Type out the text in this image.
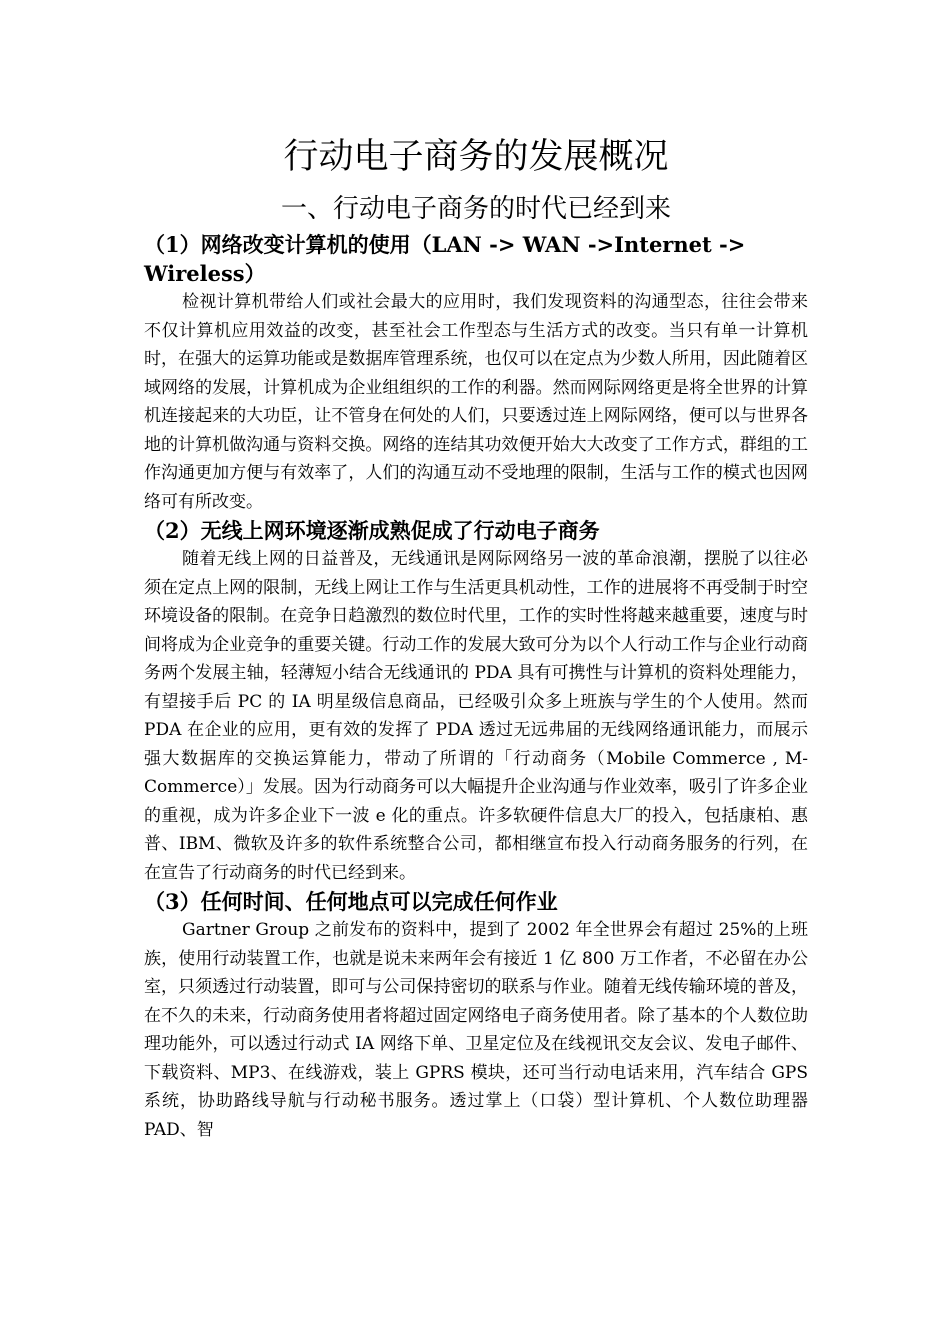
行动电子商务的发展概况
一、行动电子商务的时代已经到来
（1）网络改变计算机的使用（LAN -> WAN ->Internet -> Wireless）

检视计算机带给人们或社会最大的应用时，我们发现资料的沟通型态，往往会带来不仅计算机应用效益的改变，甚至社会工作型态与生活方式的改变。当只有单一计算机时，在强大的运算功能或是数据库管理系统，也仅可以在定点为少数人所用，因此随着区域网络的发展，计算机成为企业组组织的工作的利器。然而网际网络更是将全世界的计算机连接起来的大功臣，让不管身在何处的人们，只要透过连上网际网络，便可以与世界各地的计算机做沟通与资料交换。网络的连结其功效便开始大大改变了工作方式，群组的工作沟通更加方便与有效率了，人们的沟通互动不受地理的限制，生活与工作的模式也因网络可有所改变。

（2）无线上网环境逐渐成熟促成了行动电子商务

随着无线上网的日益普及，无线通讯是网际网络另一波的革命浪潮，摆脱了以往必须在定点上网的限制，无线上网让工作与生活更具机动性，工作的进展将不再受制于时空环境设备的限制。在竞争日趋激烈的数位时代里，工作的实时性将越来越重要，速度与时间将成为企业竞争的重要关键。行动工作的发展大致可分为以个人行动工作与企业行动商务两个发展主轴，轻薄短小结合无线通讯的 PDA 具有可携性与计算机的资料处理能力，有望接手后 PC 的 IA 明星级信息商品，已经吸引众多上班族与学生的个人使用。然而 PDA 在企业的应用，更有效的发挥了 PDA 透过无远弗届的无线网络通讯能力，而展示强大数据库的交换运算能力，带动了所谓的「行动商务（Mobile Commerce , M-Commerce）」发展。因为行动商务可以大幅提升企业沟通与作业效率，吸引了许多企业的重视，成为许多企业下一波 e 化的重点。许多软硬件信息大厂的投入，包括康柏、惠普、IBM、微软及许多的软件系统整合公司，都相继宣布投入行动商务服务的行列，在在宣告了行动商务的时代已经到来。

（3）任何时间、任何地点可以完成任何作业

Gartner Group 之前发布的资料中，提到了 2002 年全世界会有超过 25%的上班族，使用行动装置工作，也就是说未来两年会有接近 1 亿 800 万工作者，不必留在办公室，只须透过行动装置，即可与公司保持密切的联系与作业。随着无线传输环境的普及，在不久的未来，行动商务使用者将超过固定网络电子商务使用者。除了基本的个人数位助理功能外，可以透过行动式 IA 网络下单、卫星定位及在线视讯交友会议、发电子邮件、下载资料、MP3、在线游戏，装上 GPRS 模块，还可当行动电话来用，汽车结合 GPS 系统，协助路线导航与行动秘书服务。透过掌上（口袋）型计算机、个人数位助理器 PAD、智
